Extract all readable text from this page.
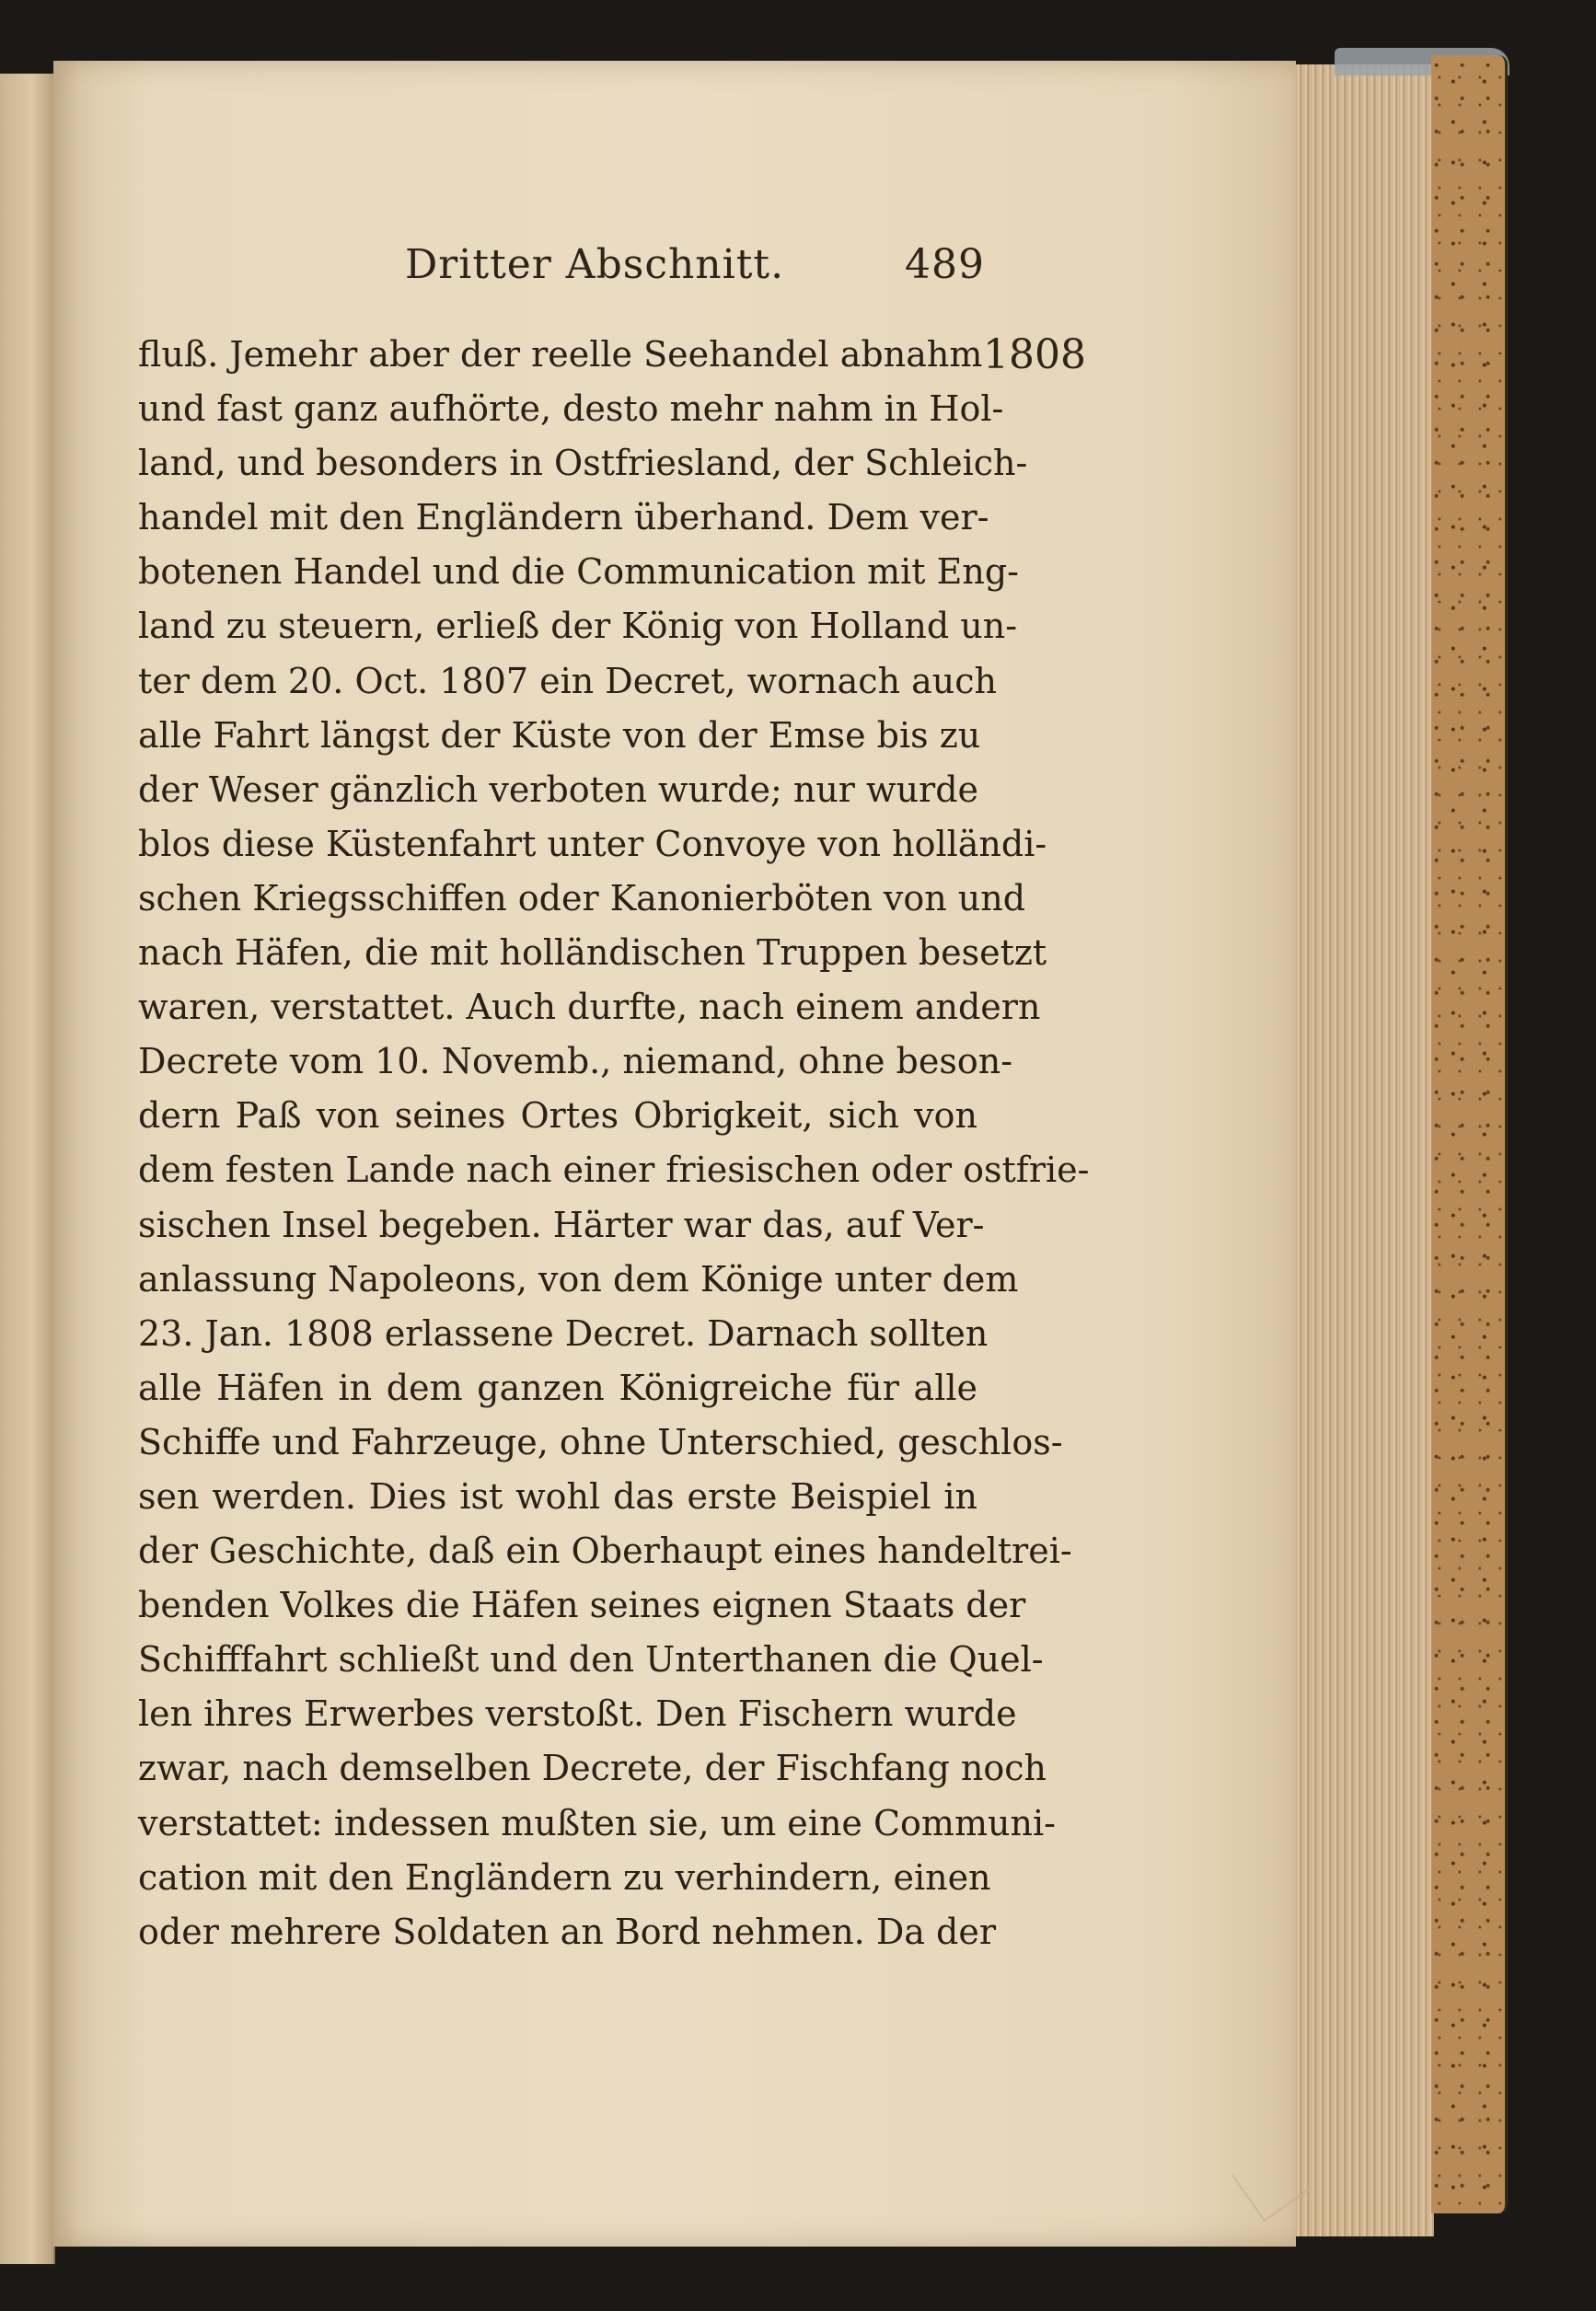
Dritter Abschnitt.	489
1808
fluß. Jemehr aber der reelle Seehandel abnahm
und fast ganz aufhörte, desto mehr nahm in Hol-
land, und besonders in Ostfriesland, der Schleich-
handel mit den Engländern überhand. Dem ver-
botenen Handel und die Communication mit Eng-
land zu steuern, erließ der König von Holland un-
ter dem 20. Oct. 1807 ein Decret, wornach auch
alle Fahrt längst der Küste von der Emse bis zu
der Weser gänzlich verboten wurde; nur wurde
blos diese Küstenfahrt unter Convoye von holländi-
schen Kriegsschiffen oder Kanonierböten von und
nach Häfen, die mit holländischen Truppen besetzt
waren, verstattet. Auch durfte, nach einem andern
Decrete vom 10. Novemb., niemand, ohne beson-
dern Paß von seines Ortes Obrigkeit, sich von
dem festen Lande nach einer friesischen oder ostfrie-
sischen Insel begeben. Härter war das, auf Ver-
anlassung Napoleons, von dem Könige unter dem
23. Jan. 1808 erlassene Decret. Darnach sollten
alle Häfen in dem ganzen Königreiche für alle
Schiffe und Fahrzeuge, ohne Unterschied, geschlos-
sen werden. Dies ist wohl das erste Beispiel in
der Geschichte, daß ein Oberhaupt eines handeltrei-
benden Volkes die Häfen seines eignen Staats der
Schifffahrt schließt und den Unterthanen die Quel-
len ihres Erwerbes verstoßt. Den Fischern wurde
zwar, nach demselben Decrete, der Fischfang noch
verstattet: indessen mußten sie, um eine Communi-
cation mit den Engländern zu verhindern, einen
oder mehrere Soldaten an Bord nehmen. Da der
